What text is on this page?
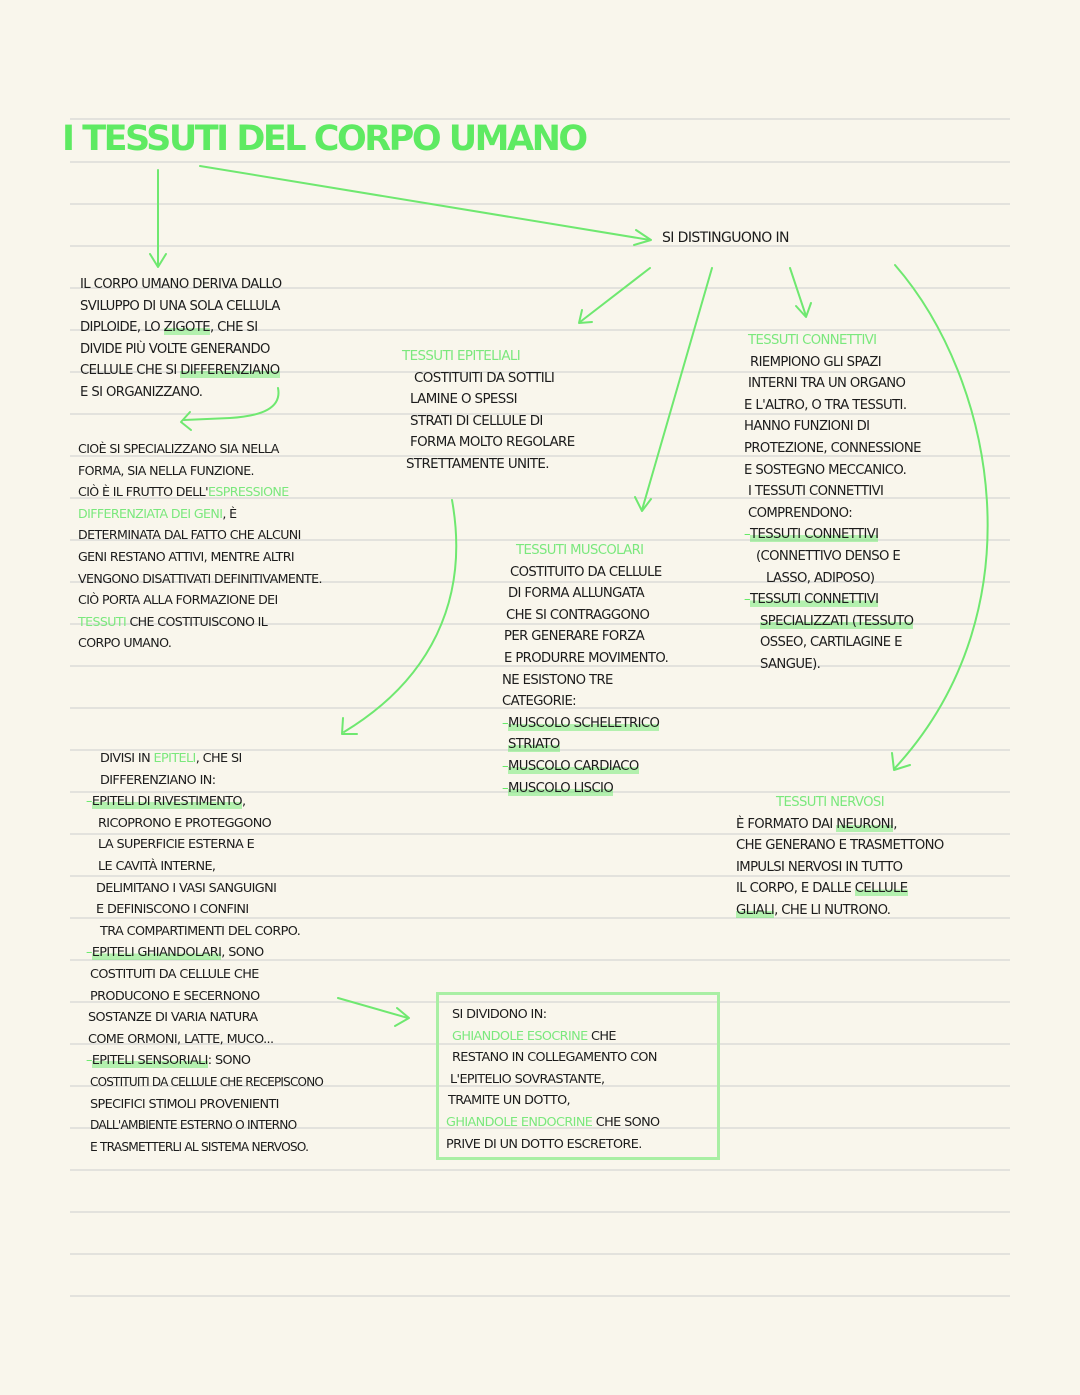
I TESSUTI DEL CORPO UMANO
SI DISTINGUONO IN
IL CORPO UMANO DERIVA DALLO
SVILUPPO DI UNA SOLA CELLULA
DIPLOIDE, LO ZIGOTE, CHE SI
DIVIDE PIÙ VOLTE GENERANDO
CELLULE CHE SI DIFFERENZIANO
E SI ORGANIZZANO.
CIOÈ SI SPECIALIZZANO SIA NELLA
FORMA, SIA NELLA FUNZIONE.
CIÒ È IL FRUTTO DELL'ESPRESSIONE
DIFFERENZIATA DEI GENI, È
DETERMINATA DAL FATTO CHE ALCUNI
GENI RESTANO ATTIVI, MENTRE ALTRI
VENGONO DISATTIVATI DEFINITIVAMENTE.
CIÒ PORTA ALLA FORMAZIONE DEI
TESSUTI CHE COSTITUISCONO IL
CORPO UMANO.
TESSUTI EPITELIALI
COSTITUITI DA SOTTILI
LAMINE O SPESSI
STRATI DI CELLULE DI
FORMA MOLTO REGOLARE
STRETTAMENTE UNITE.
TESSUTI MUSCOLARI
COSTITUITO DA CELLULE
DI FORMA ALLUNGATA
CHE SI CONTRAGGONO
PER GENERARE FORZA
E PRODURRE MOVIMENTO.
NE ESISTONO TRE
CATEGORIE:
–MUSCOLO SCHELETRICO
STRIATO
–MUSCOLO CARDIACO
–MUSCOLO LISCIO
TESSUTI CONNETTIVI
RIEMPIONO GLI SPAZI
INTERNI TRA UN ORGANO
E L'ALTRO, O TRA TESSUTI.
HANNO FUNZIONI DI
PROTEZIONE, CONNESSIONE
E SOSTEGNO MECCANICO.
I TESSUTI CONNETTIVI
COMPRENDONO:
–TESSUTI CONNETTIVI
(CONNETTIVO DENSO E
LASSO, ADIPOSO)
–TESSUTI CONNETTIVI
SPECIALIZZATI (TESSUTO
OSSEO, CARTILAGINE E
SANGUE).
TESSUTI NERVOSI
È FORMATO DAI NEURONI,
CHE GENERANO E TRASMETTONO
IMPULSI NERVOSI IN TUTTO
IL CORPO, E DALLE CELLULE
GLIALI, CHE LI NUTRONO.
DIVISI IN EPITELI, CHE SI
DIFFERENZIANO IN:
–EPITELI DI RIVESTIMENTO,
RICOPRONO E PROTEGGONO
LA SUPERFICIE ESTERNA E
LE CAVITÀ INTERNE,
DELIMITANO I VASI SANGUIGNI
E DEFINISCONO I CONFINI
TRA COMPARTIMENTI DEL CORPO.
–EPITELI GHIANDOLARI, SONO
COSTITUITI DA CELLULE CHE
PRODUCONO E SECERNONO
SOSTANZE DI VARIA NATURA
COME ORMONI, LATTE, MUCO...
–EPITELI SENSORIALI: SONO
COSTITUITI DA CELLULE CHE RECEPISCONO
SPECIFICI STIMOLI PROVENIENTI
DALL'AMBIENTE ESTERNO O INTERNO
E TRASMETTERLI AL SISTEMA NERVOSO.
SI DIVIDONO IN:
GHIANDOLE ESOCRINE CHE
RESTANO IN COLLEGAMENTO CON
L'EPITELIO SOVRASTANTE,
TRAMITE UN DOTTO,
GHIANDOLE ENDOCRINE CHE SONO
PRIVE DI UN DOTTO ESCRETORE.
